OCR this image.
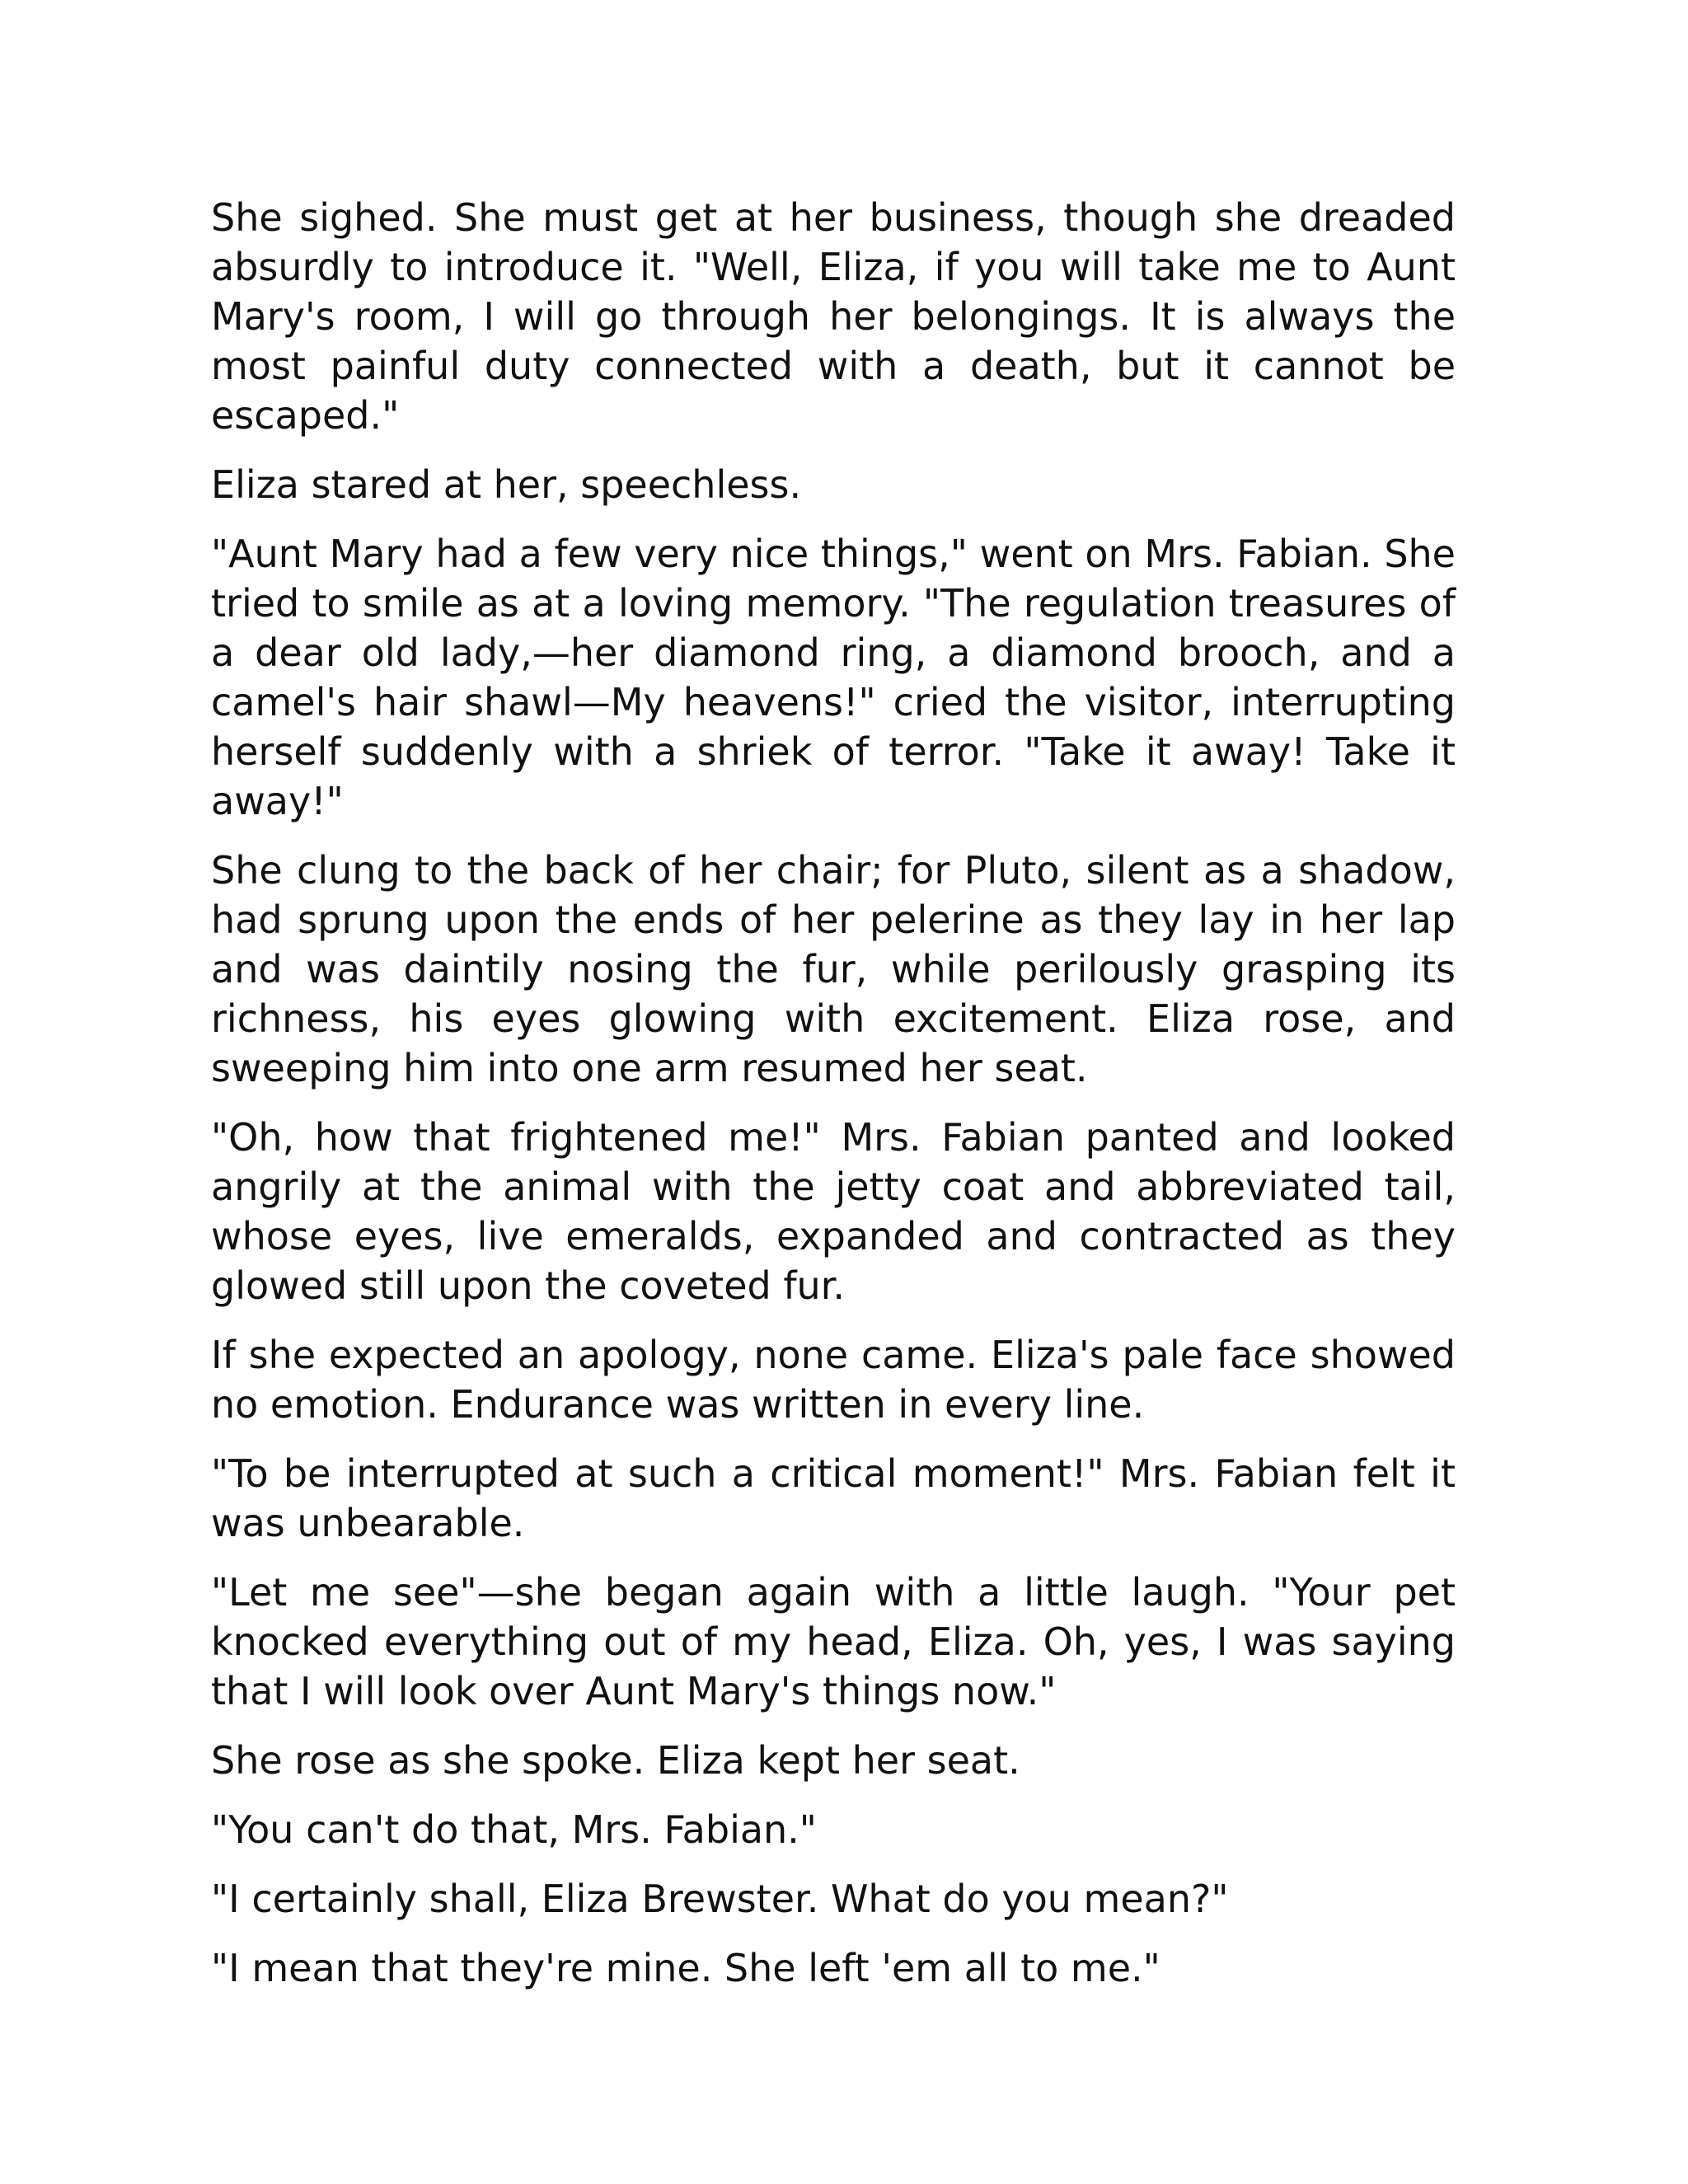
She sighed. She must get at her business, though she dreaded absurdly to introduce it. "Well, Eliza, if you will take me to Aunt Mary's room, I will go through her belongings. It is always the most painful duty connected with a death, but it cannot be escaped."

Eliza stared at her, speechless.

"Aunt Mary had a few very nice things," went on Mrs. Fabian. She tried to smile as at a loving memory. "The regulation treasures of a dear old lady,—her diamond ring, a diamond brooch, and a camel's hair shawl—My heavens!" cried the visitor, interrupting herself suddenly with a shriek of terror. "Take it away! Take it away!"

She clung to the back of her chair; for Pluto, silent as a shadow, had sprung upon the ends of her pelerine as they lay in her lap and was daintily nosing the fur, while perilously grasping its richness, his eyes glowing with excitement. Eliza rose, and sweeping him into one arm resumed her seat.

"Oh, how that frightened me!" Mrs. Fabian panted and looked angrily at the animal with the jetty coat and abbreviated tail, whose eyes, live emeralds, expanded and contracted as they glowed still upon the coveted fur.

If she expected an apology, none came. Eliza's pale face showed no emotion. Endurance was written in every line.

"To be interrupted at such a critical moment!" Mrs. Fabian felt it was unbearable.

"Let me see"—she began again with a little laugh. "Your pet knocked everything out of my head, Eliza. Oh, yes, I was saying that I will look over Aunt Mary's things now."

She rose as she spoke. Eliza kept her seat.

"You can't do that, Mrs. Fabian."

"I certainly shall, Eliza Brewster. What do you mean?"

"I mean that they're mine. She left 'em all to me."
